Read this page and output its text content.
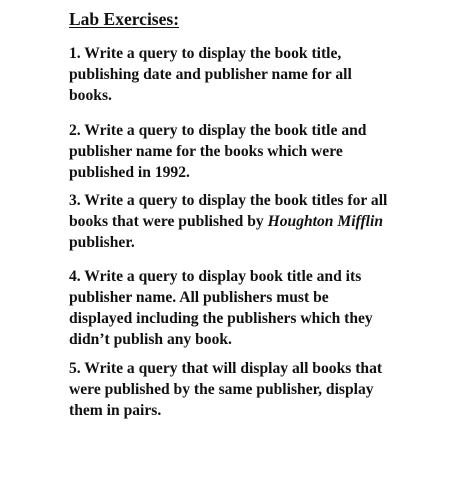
Lab Exercises:
1. Write a query to display the book title,
publishing date and publisher name for all
books.
2. Write a query to display the book title and
publisher name for the books which were
published in 1992.
3. Write a query to display the book titles for all
books that were published by Houghton Mifflin
publisher.
4. Write a query to display book title and its
publisher name. All publishers must be
displayed including the publishers which they
didn’t publish any book.
5. Write a query that will display all books that
were published by the same publisher, display
them in pairs.
